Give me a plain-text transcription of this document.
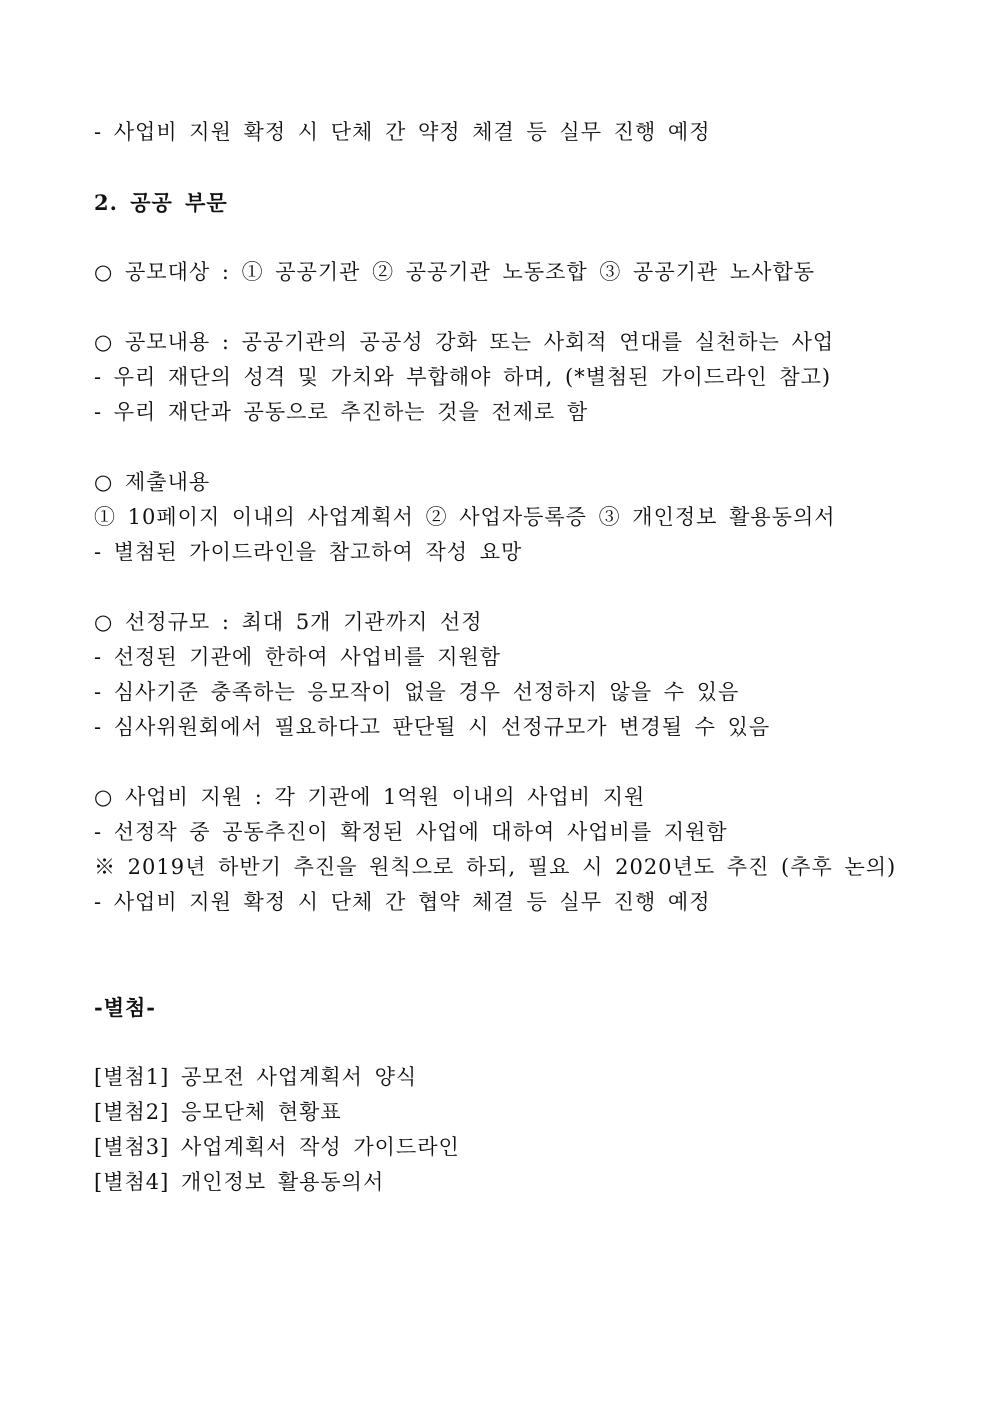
- 사업비 지원 확정 시 단체 간 약정 체결 등 실무 진행 예정
2. 공공 부문
○ 공모대상 : ① 공공기관 ② 공공기관 노동조합 ③ 공공기관 노사합동
○ 공모내용 : 공공기관의 공공성 강화 또는 사회적 연대를 실천하는 사업
- 우리 재단의 성격 및 가치와 부합해야 하며, (*별첨된 가이드라인 참고)
- 우리 재단과 공동으로 추진하는 것을 전제로 함
○ 제출내용
① 10페이지 이내의 사업계획서 ② 사업자등록증 ③ 개인정보 활용동의서
- 별첨된 가이드라인을 참고하여 작성 요망
○ 선정규모 : 최대 5개 기관까지 선정
- 선정된 기관에 한하여 사업비를 지원함
- 심사기준 충족하는 응모작이 없을 경우 선정하지 않을 수 있음
- 심사위원회에서 필요하다고 판단될 시 선정규모가 변경될 수 있음
○ 사업비 지원 : 각 기관에 1억원 이내의 사업비 지원
- 선정작 중 공동추진이 확정된 사업에 대하여 사업비를 지원함
※ 2019년 하반기 추진을 원칙으로 하되, 필요 시 2020년도 추진 (추후 논의)
- 사업비 지원 확정 시 단체 간 협약 체결 등 실무 진행 예정
-별첨-
[별첨1] 공모전 사업계획서 양식
[별첨2] 응모단체 현황표
[별첨3] 사업계획서 작성 가이드라인
[별첨4] 개인정보 활용동의서
